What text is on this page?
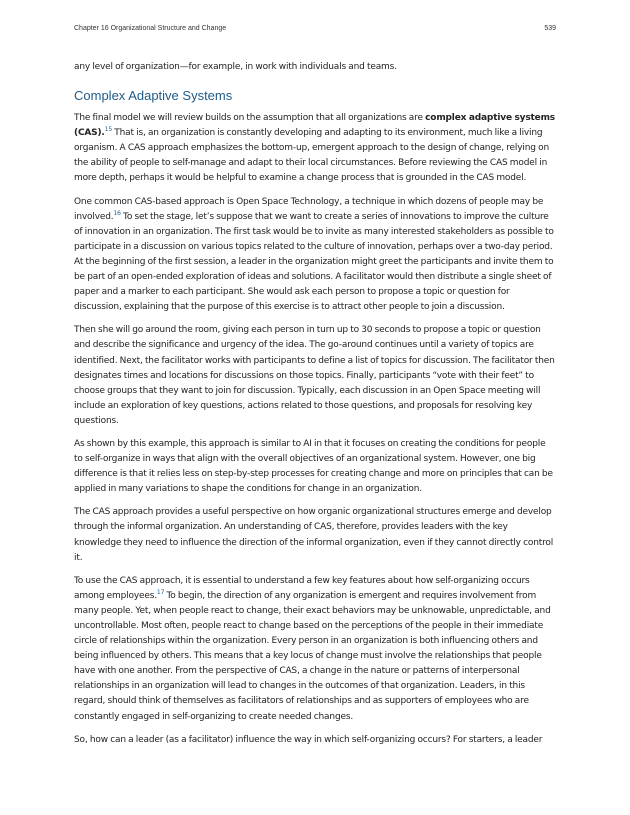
Chapter 16 Organizational Structure and Change	539

any level of organization—for example, in work with individuals and teams.

Complex Adaptive Systems

The final model we will review builds on the assumption that all organizations are complex adaptive systems (CAS).$^{15}$ That is, an organization is constantly developing and adapting to its environment, much like a living organism. A CAS approach emphasizes the bottom-up, emergent approach to the design of change, relying on the ability of people to self-manage and adapt to their local circumstances. Before reviewing the CAS model in more depth, perhaps it would be helpful to examine a change process that is grounded in the CAS model.

One common CAS-based approach is Open Space Technology, a technique in which dozens of people may be involved.$^{16}$ To set the stage, let’s suppose that we want to create a series of innovations to improve the culture of innovation in an organization. The first task would be to invite as many interested stakeholders as possible to participate in a discussion on various topics related to the culture of innovation, perhaps over a two-day period. At the beginning of the first session, a leader in the organization might greet the participants and invite them to be part of an open-ended exploration of ideas and solutions. A facilitator would then distribute a single sheet of paper and a marker to each participant. She would ask each person to propose a topic or question for discussion, explaining that the purpose of this exercise is to attract other people to join a discussion.

Then she will go around the room, giving each person in turn up to 30 seconds to propose a topic or question and describe the significance and urgency of the idea. The go-around continues until a variety of topics are identified. Next, the facilitator works with participants to define a list of topics for discussion. The facilitator then designates times and locations for discussions on those topics. Finally, participants “vote with their feet” to choose groups that they want to join for discussion. Typically, each discussion in an Open Space meeting will include an exploration of key questions, actions related to those questions, and proposals for resolving key questions.

As shown by this example, this approach is similar to AI in that it focuses on creating the conditions for people to self-organize in ways that align with the overall objectives of an organizational system. However, one big difference is that it relies less on step-by-step processes for creating change and more on principles that can be applied in many variations to shape the conditions for change in an organization.

The CAS approach provides a useful perspective on how organic organizational structures emerge and develop through the informal organization. An understanding of CAS, therefore, provides leaders with the key knowledge they need to influence the direction of the informal organization, even if they cannot directly control it.

To use the CAS approach, it is essential to understand a few key features about how self-organizing occurs among employees.$^{17}$ To begin, the direction of any organization is emergent and requires involvement from many people. Yet, when people react to change, their exact behaviors may be unknowable, unpredictable, and uncontrollable. Most often, people react to change based on the perceptions of the people in their immediate circle of relationships within the organization. Every person in an organization is both influencing others and being influenced by others. This means that a key locus of change must involve the relationships that people have with one another. From the perspective of CAS, a change in the nature or patterns of interpersonal relationships in an organization will lead to changes in the outcomes of that organization. Leaders, in this regard, should think of themselves as facilitators of relationships and as supporters of employees who are constantly engaged in self-organizing to create needed changes.

So, how can a leader (as a facilitator) influence the way in which self-organizing occurs? For starters, a leader
